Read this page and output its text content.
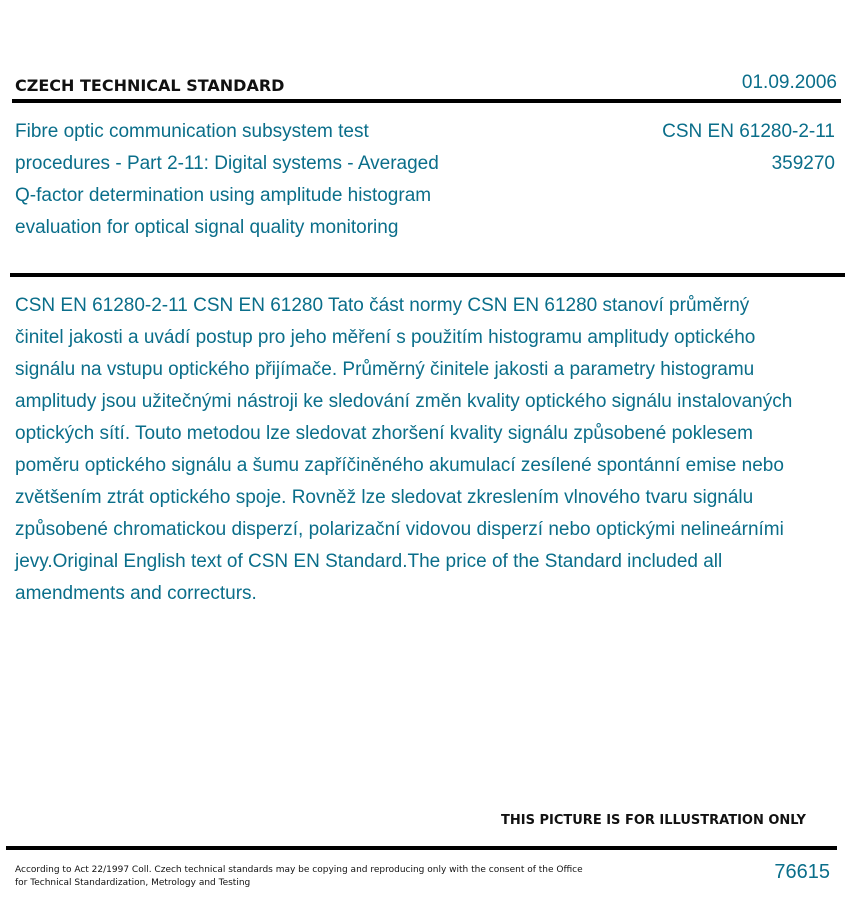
CZECH TECHNICAL STANDARD	01.09.2006
Fibre optic communication subsystem test procedures - Part 2-11: Digital systems - Averaged Q-factor determination using amplitude histogram evaluation for optical signal quality monitoring
CSN EN 61280-2-11
359270
CSN EN 61280-2-11 CSN EN 61280 Tato část normy CSN EN 61280 stanoví průměrný činitel jakosti a uvádí postup pro jeho měření s použitím histogramu amplitudy optického signálu na vstupu optického přijímače. Průměrný činitele jakosti a parametry histogramu amplitudy jsou užitečnými nástroji ke sledování změn kvality optického signálu instalovaných optických sítí. Touto metodou lze sledovat zhoršení kvality signálu způsobené poklesem poměru optického signálu a šumu zapříčiněného akumulací zesílené spontánní emise nebo zvětšením ztrát optického spoje. Rovněž lze sledovat zkreslením vlnového tvaru signálu způsobené chromatickou disperzí, polarizační vidovou disperzí nebo optickými nelineárními jevy.Original English text of CSN EN Standard.The price of the Standard included all amendments and correcturs.
THIS PICTURE IS FOR ILLUSTRATION ONLY
According to Act 22/1997 Coll. Czech technical standards may be copying and reproducing only with the consent of the Office for Technical Standardization, Metrology and Testing	76615
